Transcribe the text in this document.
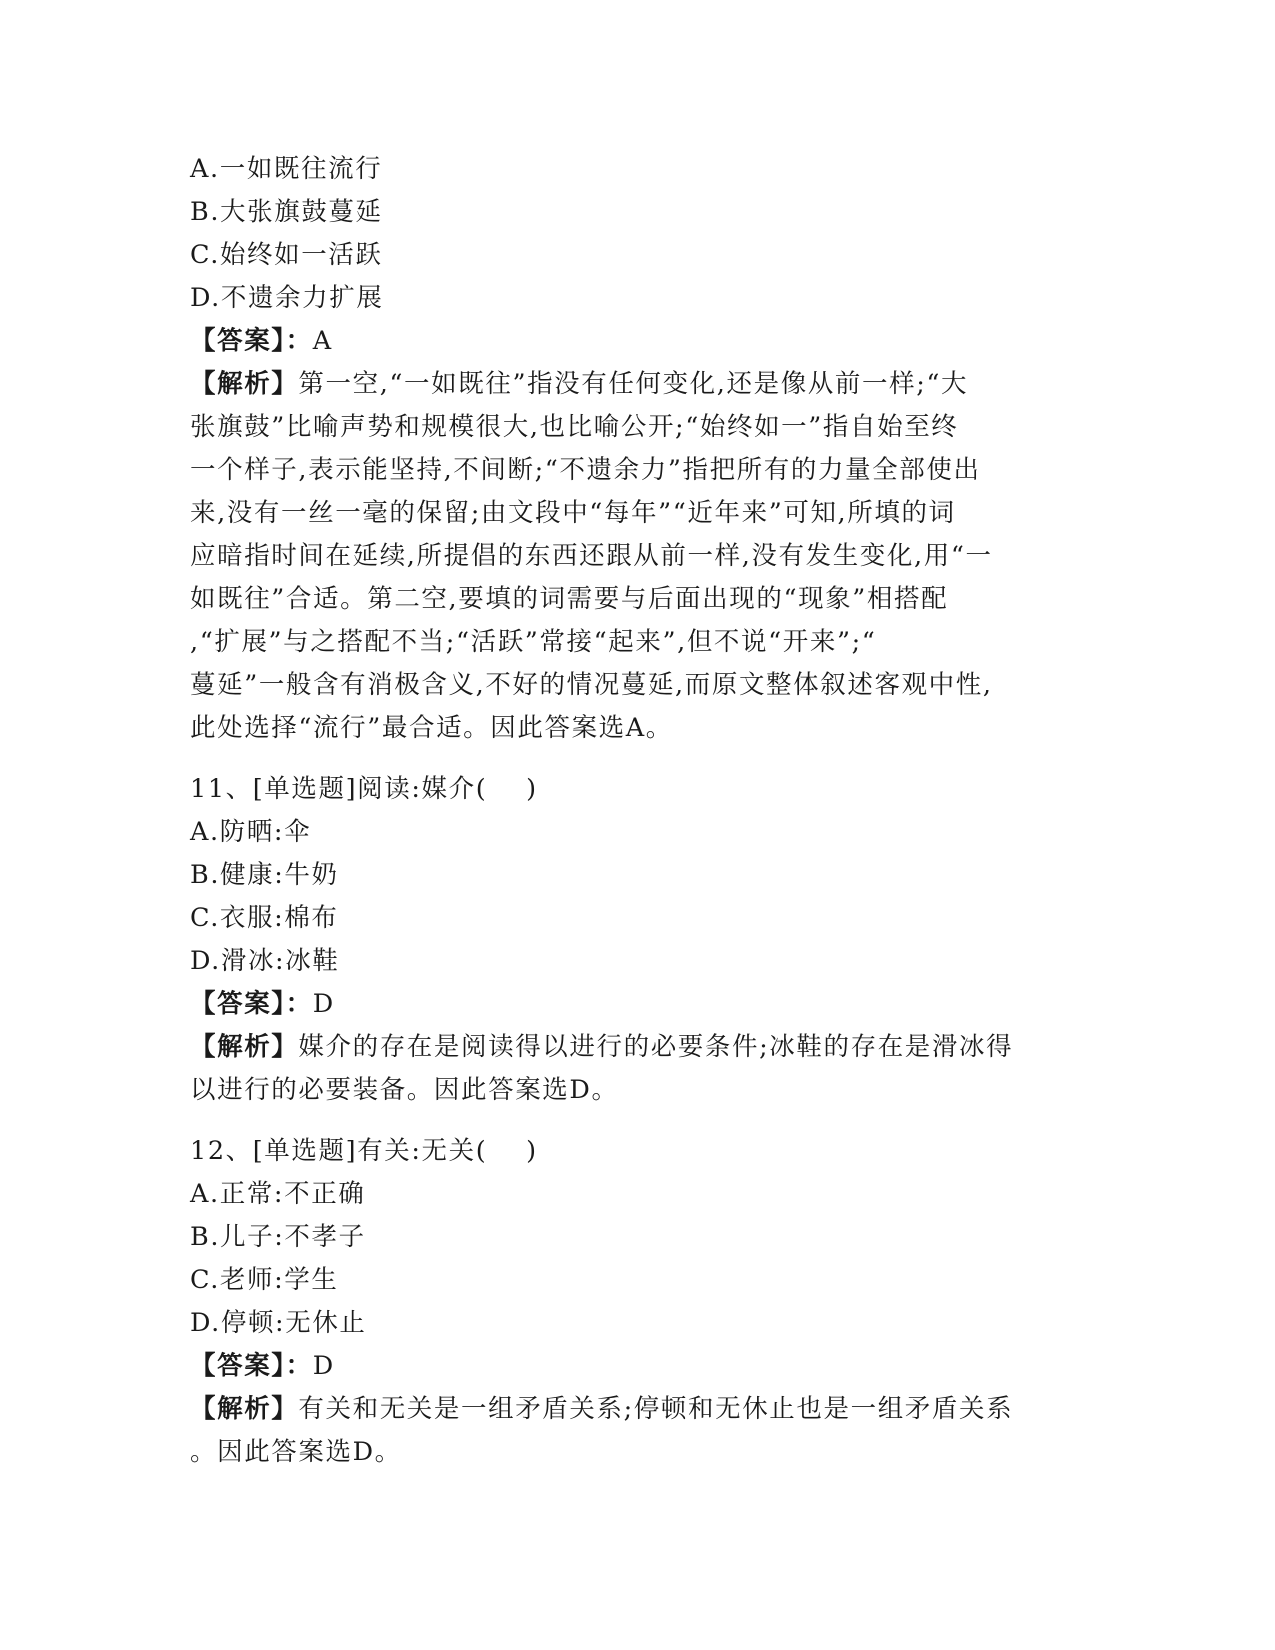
A.一如既往流行
B.大张旗鼓蔓延
C.始终如一活跃
D.不遗余力扩展
【答案】：A
【解析】第一空,“一如既往”指没有任何变化,还是像从前一样;“大
张旗鼓”比喻声势和规模很大,也比喻公开;“始终如一”指自始至终
一个样子,表示能坚持,不间断;“不遗余力”指把所有的力量全部使出
来,没有一丝一毫的保留;由文段中“每年”“近年来”可知,所填的词
应暗指时间在延续,所提倡的东西还跟从前一样,没有发生变化,用“一
如既往”合适。第二空,要填的词需要与后面出现的“现象”相搭配
,“扩展”与之搭配不当;“活跃”常接“起来”,但不说“开来”;“
蔓延”一般含有消极含义,不好的情况蔓延,而原文整体叙述客观中性,
此处选择“流行”最合适。因此答案选A。
11、[单选题]阅读:媒介(    )
A.防晒:伞
B.健康:牛奶
C.衣服:棉布
D.滑冰:冰鞋
【答案】：D
【解析】媒介的存在是阅读得以进行的必要条件;冰鞋的存在是滑冰得
以进行的必要装备。因此答案选D。
12、[单选题]有关:无关(    )
A.正常:不正确
B.儿子:不孝子
C.老师:学生
D.停顿:无休止
【答案】：D
【解析】有关和无关是一组矛盾关系;停顿和无休止也是一组矛盾关系
。因此答案选D。
